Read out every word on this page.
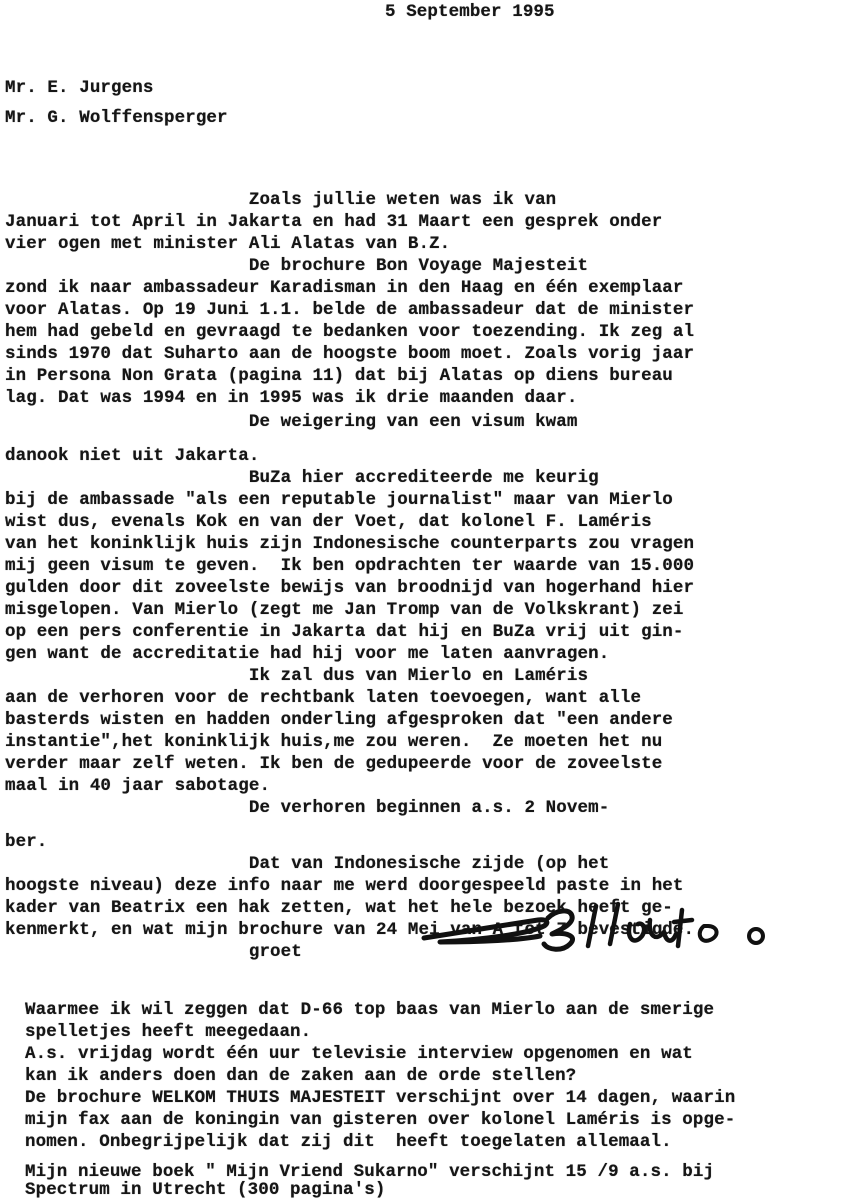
5 September 1995
Mr. E. Jurgens
Mr. G. Wolffensperger
Zoals jullie weten was ik van
Januari tot April in Jakarta en had 31 Maart een gesprek onder
vier ogen met minister Ali Alatas van B.Z.
De brochure Bon Voyage Majesteit
zond ik naar ambassadeur Karadisman in den Haag en één exemplaar
voor Alatas. Op 19 Juni 1.1. belde de ambassadeur dat de minister
hem had gebeld en gevraagd te bedanken voor toezending. Ik zeg al
sinds 1970 dat Suharto aan de hoogste boom moet. Zoals vorig jaar
in Persona Non Grata (pagina 11) dat bij Alatas op diens bureau
lag. Dat was 1994 en in 1995 was ik drie maanden daar.
De weigering van een visum kwam
danook niet uit Jakarta.
BuZa hier accrediteerde me keurig
bij de ambassade "als een reputable journalist" maar van Mierlo
wist dus, evenals Kok en van der Voet, dat kolonel F. Laméris
van het koninklijk huis zijn Indonesische counterparts zou vragen
mij geen visum te geven.  Ik ben opdrachten ter waarde van 15.000
gulden door dit zoveelste bewijs van broodnijd van hogerhand hier
misgelopen. Van Mierlo (zegt me Jan Tromp van de Volkskrant) zei
op een pers conferentie in Jakarta dat hij en BuZa vrij uit gin-
gen want de accreditatie had hij voor me laten aanvragen.
Ik zal dus van Mierlo en Laméris
aan de verhoren voor de rechtbank laten toevoegen, want alle
basterds wisten en hadden onderling afgesproken dat "een andere
instantie",het koninklijk huis,me zou weren.  Ze moeten het nu
verder maar zelf weten. Ik ben de gedupeerde voor de zoveelste
maal in 40 jaar sabotage.
De verhoren beginnen a.s. 2 Novem-
ber.
Dat van Indonesische zijde (op het
hoogste niveau) deze info naar me werd doorgespeeld paste in het
kader van Beatrix een hak zetten, wat het hele bezoek heeft ge-
kenmerkt, en wat mijn brochure van 24 Mei van A tot Z bevestigde.
groet
Waarmee ik wil zeggen dat D-66 top baas van Mierlo aan de smerige
spelletjes heeft meegedaan.
A.s. vrijdag wordt één uur televisie interview opgenomen en wat
kan ik anders doen dan de zaken aan de orde stellen?
De brochure WELKOM THUIS MAJESTEIT verschijnt over 14 dagen, waarin
mijn fax aan de koningin van gisteren over kolonel Laméris is opge-
nomen. Onbegrijpelijk dat zij dit  heeft toegelaten allemaal.
Mijn nieuwe boek " Mijn Vriend Sukarno" verschijnt 15 /9 a.s. bij
Spectrum in Utrecht (300 pagina's)
